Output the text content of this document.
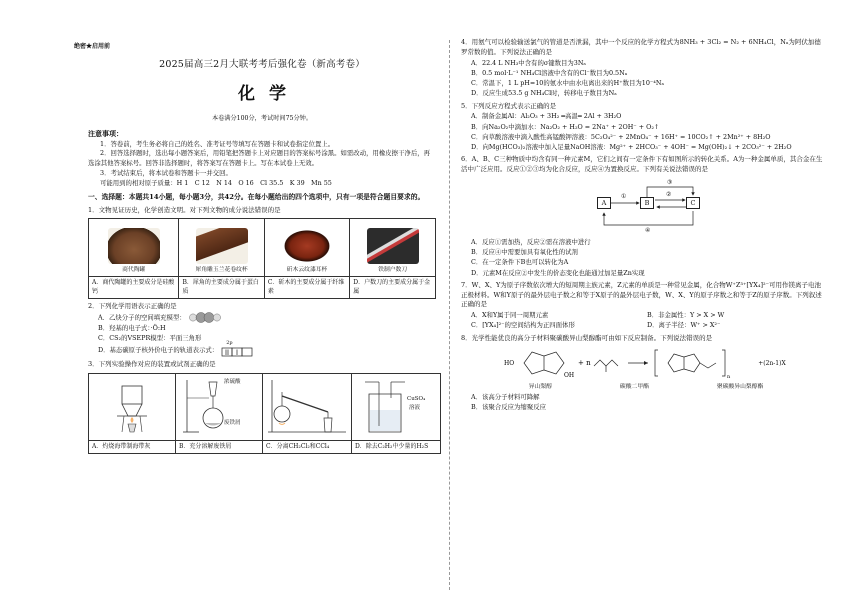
绝密★启用前
2025届高三2月大联考考后强化卷（新高考卷）
化学
本卷满分100分，考试时间75分钟。
注意事项：
1．答卷前，考生务必将自己的姓名、准考证号等填写在答题卡和试卷指定位置上。
2．回答选择题时，选出每小题答案后，用铅笔把答题卡上对应题目的答案标号涂黑。如需改动，用橡皮擦干净后，再选涂其他答案标号。回答非选择题时，将答案写在答题卡上。写在本试卷上无效。
3．考试结束后，将本试卷和答题卡一并交回。
可能用到的相对原子质量：H 1　C 12　N 14　O 16　Cl 35.5　K 39　Mn 55
一、选择题：本题共14小题，每小题3分，共42分。在每小题给出的四个选项中，只有一项是符合题目要求的。
1．文物见证历史，化学创造文明。对下列文物的成分说法错误的是
商代陶罐	犀角雕玉兰花卷纹杯	斫木云纹漆耳杯	铁制户数刀

A．商代陶罐的主要成分是硅酸钙	B．犀角的主要成分属于蛋白质	C．斫木的主要成分属于纤维素	D．户数刀的主要成分属于金属
2．下列化学用语表示正确的是
A．乙炔分子的空间填充模型：
B．羟基的电子式：·Ö:H
C．CS₂的VSEPR模型：平面三角形
D．基态碳原子核外价电子的轨道表示式：
2p
3．下列实验操作对应的装置或试剂正确的是

浓硫酸
废铁屑		CuSO₄
溶液

A．灼烧海带制海带灰	B．充分溶解废铁屑	C．分离CH₂Cl₂和CCl₄	D．除去C₂H₂中少量的H₂S
4．用氨气可以检验输送氯气的管道是否泄漏，其中一个反应的化学方程式为8NH₃ + 3Cl₂ = N₂ + 6NH₄Cl，Nₐ为阿伏加德罗常数的值。下列说法正确的是
A．22.4 L NH₃中含有的σ键数目为3Nₐ
B．0.5 mol·L⁻¹ NH₄Cl溶液中含有的Cl⁻数目为0.5Nₐ
C．常温下，1 L pH=10的氨水中由水电离出来的H⁺数目为10⁻⁴Nₐ
D．反应生成53.5 g NH₄Cl时，转移电子数目为Nₐ
5．下列反应方程式表示正确的是
A．制备金属Al：Al₂O₃ + 3H₂ ═高温═ 2Al + 3H₂O
B．向Na₂O₂中滴加水：Na₂O₂ + H₂O = 2Na⁺ + 2OH⁻ + O₂↑
C．向草酸溶液中滴入酸性高锰酸钾溶液：5C₂O₄²⁻ + 2MnO₄⁻ + 16H⁺ = 10CO₂↑ + 2Mn²⁺ + 8H₂O
D．向Mg(HCO₃)₂溶液中加入足量NaOH溶液：Mg²⁺ + 2HCO₃⁻ + 4OH⁻ = Mg(OH)₂↓ + 2CO₃²⁻ + 2H₂O
6．A、B、C三种物质中均含有同一种元素M，它们之间有一定条件下有如图所示的转化关系。A为一种金属单质，其合金在生活中广泛应用。反应①②③均为化合反应，反应④为置换反应。下列有关说法错误的是
A	B	C
①	②
③
④
A．反应①需加热，反应②需在溶液中进行
B．反应④中需要加具有氧化性的试剂
C．在一定条件下B也可以转化为A
D．元素M在反应②中发生的价态变化也能通过加足量Zn实现
7．W、X、Y为原子序数依次增大的短周期主族元素，Z元素的单质是一种常见金属，化合物W⁺Z³⁺[YX₄]²⁻可用作镁离子电池正极材料。W和Y原子的最外层电子数之和等于X原子的最外层电子数，W、X、Y的原子序数之和等于Z的原子序数。下列叙述正确的是
A．X和Y属于同一周期元素	B．非金属性：Y > X > W
C．[YX₄]²⁻的空间结构为正四面体形	D．离子半径：W⁺ > X²⁻
8．光学性能优良的高分子材料聚碳酸异山梨醇酯可由如下反应制备。下列说法错误的是
HO
OH
+ n
n
+(2n-1)X
异山梨醇	碳酸二甲酯	聚碳酸异山梨醇酯
A．该高分子材料可降解
B．该聚合反应为缩聚反应
